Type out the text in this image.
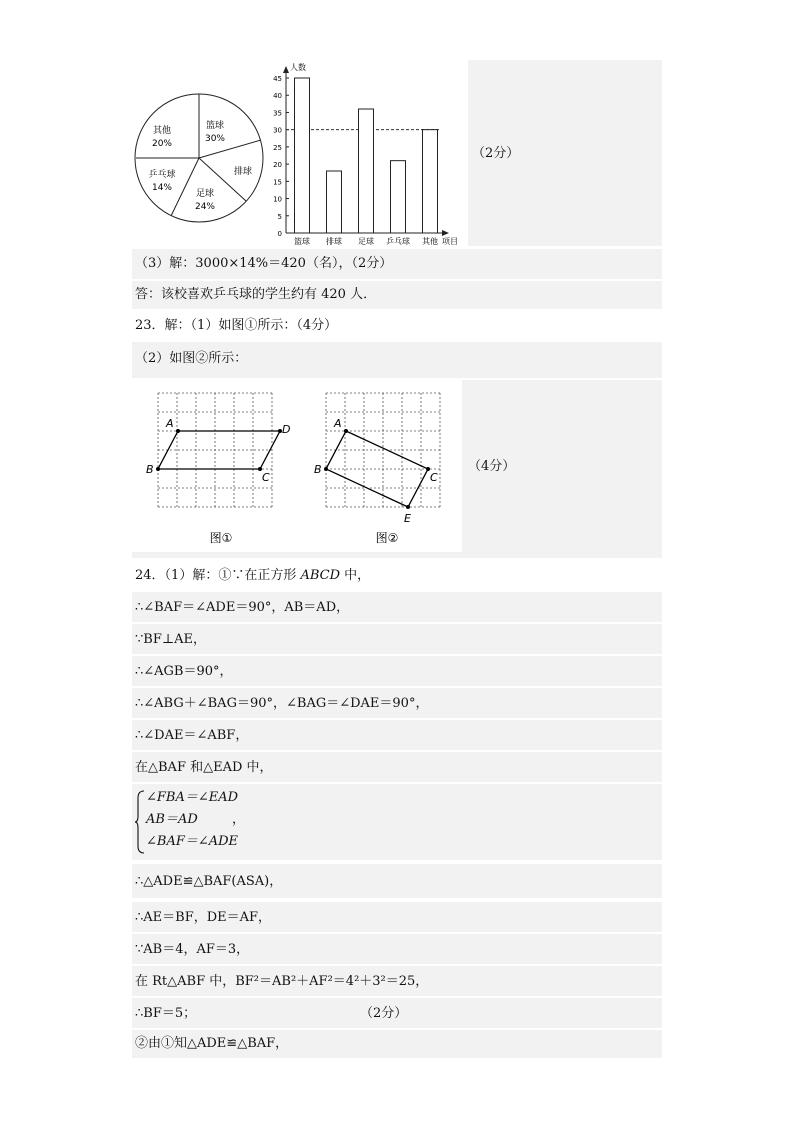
篮球
30%
排球
足球
24%
乒乓球
14%
其他
20%
0
5
10
15
20
25
30
35
40
45
篮球 排球 足球 乒乓球 其他
人数
项目
（2分）
（3）解：3000×14%＝420（名），（2分）
答：该校喜欢乒乓球的学生约有 420 人．
23．解：（1）如图①所示：（4分）
（2）如图②所示：
A	D
C
B
图①
A
C
E
B
图②
（4分）
24．（1）解：①∵在正方形 ABCD 中，
∴∠BAF＝∠ADE＝90°，AB＝AD，
∵BF⊥AE，
∴∠AGB＝90°，
∴∠ABG＋∠BAG＝90°，∠BAG＝∠DAE＝90°，
∴∠DAE＝∠ABF，
在△BAF 和△EAD 中，
∠FBA＝∠EAD
AB＝AD
∠BAF＝∠ADE
，
∴△ADE≌△BAF(ASA)，
∴AE＝BF，DE＝AF，
∵AB＝4，AF＝3，
在 Rt△ABF 中，BF²＝AB²＋AF²＝4²＋3²＝25，
∴BF＝5；	（2分）
②由①知△ADE≌△BAF，
